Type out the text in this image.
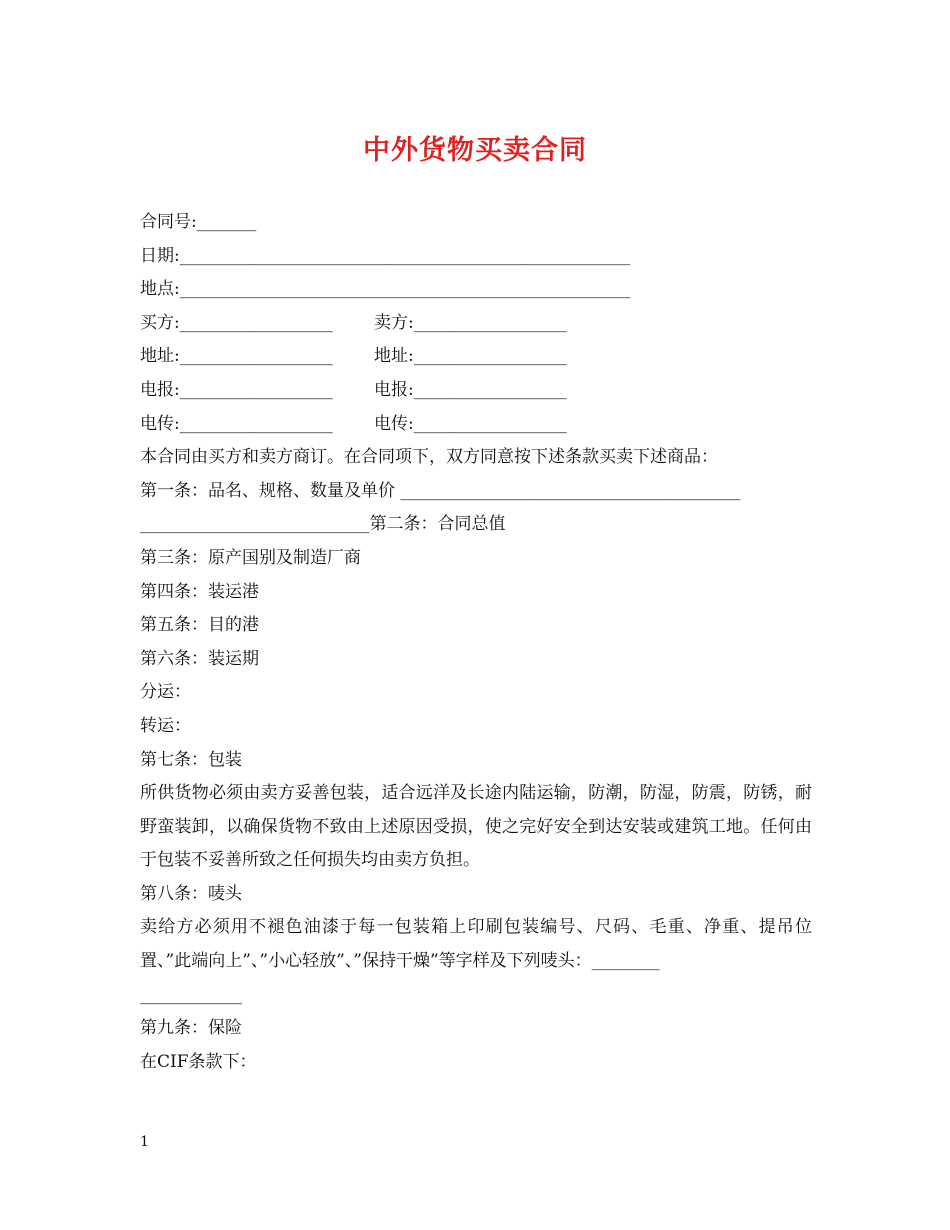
中外货物买卖合同
合同号:_______
日期:_____________________________________________________
地点:_____________________________________________________
买方:__________________ 卖方:__________________
地址:__________________ 地址:__________________
电报:__________________ 电报:__________________
电传:__________________ 电传:__________________
本合同由买方和卖方商订。在合同项下，双方同意按下述条款买卖下述商品：
第一条：品名、规格、数量及单价 ________________________________________
___________________________第二条：合同总值
第三条：原产国别及制造厂商
第四条：装运港
第五条：目的港
第六条：装运期
分运：
转运：
第七条：包装
所供货物必须由卖方妥善包装，适合远洋及长途内陆运输，防潮，防湿，防震，防锈，耐野蛮装卸，以确保货物不致由上述原因受损，使之完好安全到达安装或建筑工地。任何由于包装不妥善所致之任何损失均由卖方负担。
第八条：唛头
卖给方必须用不褪色油漆于每一包装箱上印刷包装编号、尺码、毛重、净重、提吊位置、”此端向上”、”小心轻放”、”保持干燥”等字样及下列唛头：________
____________
第九条：保险
在CIF条款下：
1
